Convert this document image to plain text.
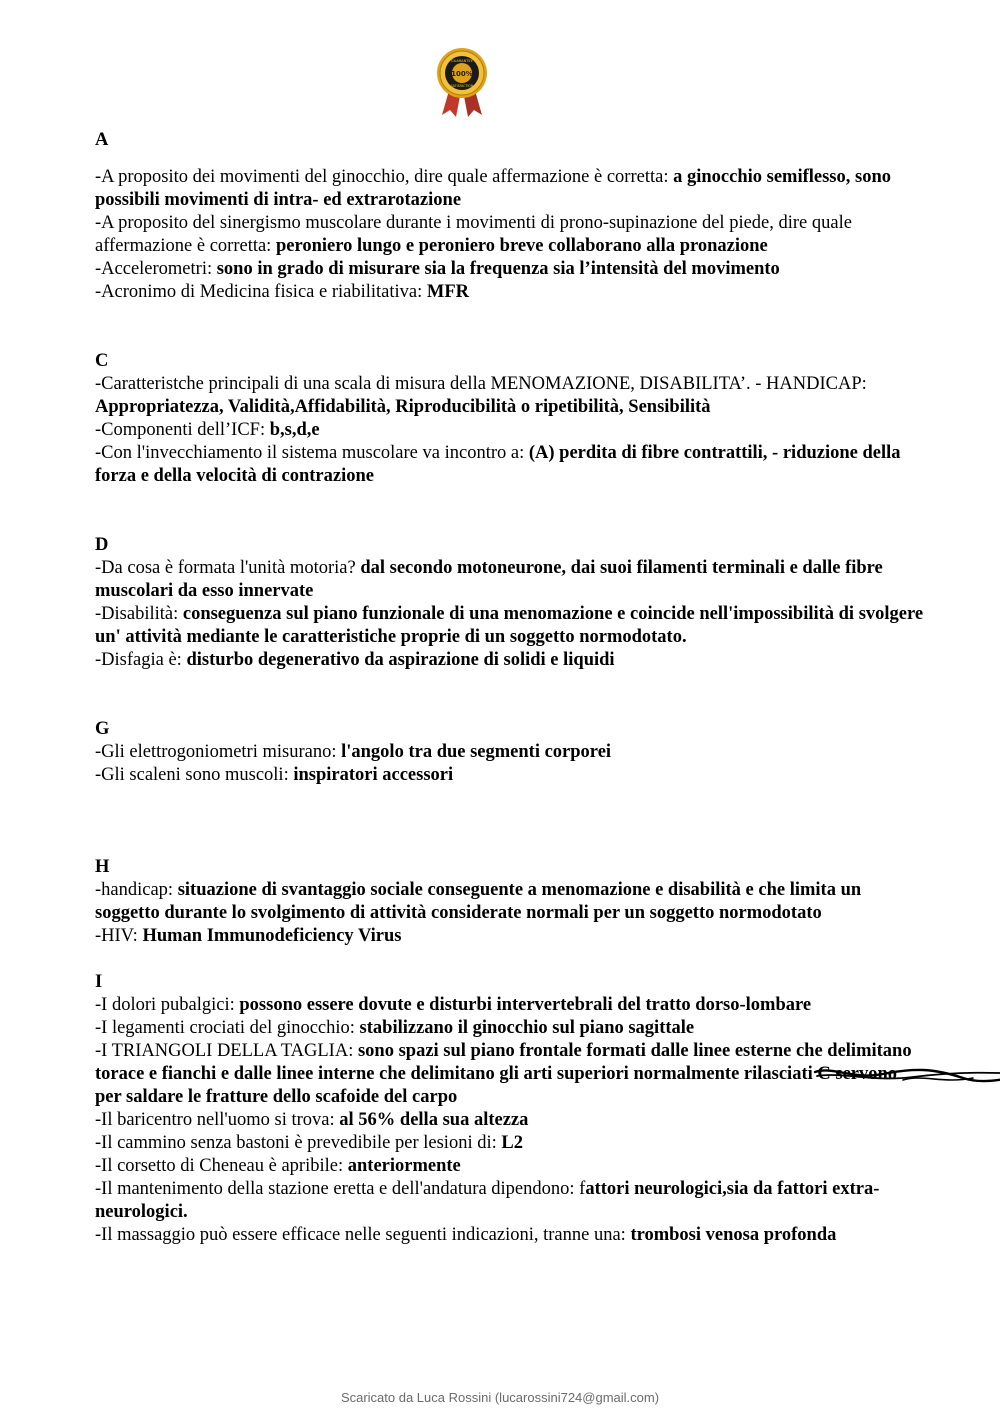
100%
GUARANTEE
SATISFACTION
A
-A proposito dei movimenti del ginocchio, dire quale affermazione è corretta: a ginocchio semiflesso, sono possibili movimenti di intra- ed extrarotazione
-A proposito del sinergismo muscolare durante i movimenti di prono-supinazione del piede, dire quale affermazione è corretta: peroniero lungo e peroniero breve collaborano alla pronazione
-Accelerometri: sono in grado di misurare sia la frequenza sia l’intensità del movimento
-Acronimo di Medicina fisica e riabilitativa: MFR
C
-Caratteristche principali di una scala di misura della MENOMAZIONE, DISABILITA’. - HANDICAP: Appropriatezza, Validità,Affidabilità, Riproducibilità o ripetibilità, Sensibilità
-Componenti dell’ICF: b,s,d,e
-Con l'invecchiamento il sistema muscolare va incontro a: (A) perdita di fibre contrattili, - riduzione della forza e della velocità di contrazione
D
-Da cosa è formata l'unità motoria? dal secondo motoneurone, dai suoi filamenti terminali e dalle fibre muscolari da esso innervate
-Disabilità: conseguenza sul piano funzionale di una menomazione e coincide nell'impossibilità di svolgere un' attività mediante le caratteristiche proprie di un soggetto normodotato.
-Disfagia è: disturbo degenerativo da aspirazione di solidi e liquidi
G
-Gli elettrogoniometri misurano: l'angolo tra due segmenti corporei
-Gli scaleni sono muscoli: inspiratori accessori
H
-handicap: situazione di svantaggio sociale conseguente a menomazione e disabilità e che limita un soggetto durante lo svolgimento di attività considerate normali per un soggetto normodotato
-HIV: Human Immunodeficiency Virus
I
-I dolori pubalgici: possono essere dovute e disturbi intervertebrali del tratto dorso-lombare
-I legamenti crociati del ginocchio: stabilizzano il ginocchio sul piano sagittale
-I TRIANGOLI DELLA TAGLIA: sono spazi sul piano frontale formati dalle linee esterne che delimitano torace e fianchi e dalle linee interne che delimitano gli arti superiori normalmente rilasciati C servono per saldare le fratture dello scafoide del carpo
-Il baricentro nell'uomo si trova: al 56% della sua altezza
-Il cammino senza bastoni è prevedibile per lesioni di: L2
-Il corsetto di Cheneau è apribile: anteriormente
-Il mantenimento della stazione eretta e dell'andatura dipendono: fattori neurologici,sia da fattori extra-neurologici.
-Il massaggio può essere efficace nelle seguenti indicazioni, tranne una: trombosi venosa profonda
Scaricato da Luca Rossini (lucarossini724@gmail.com)
